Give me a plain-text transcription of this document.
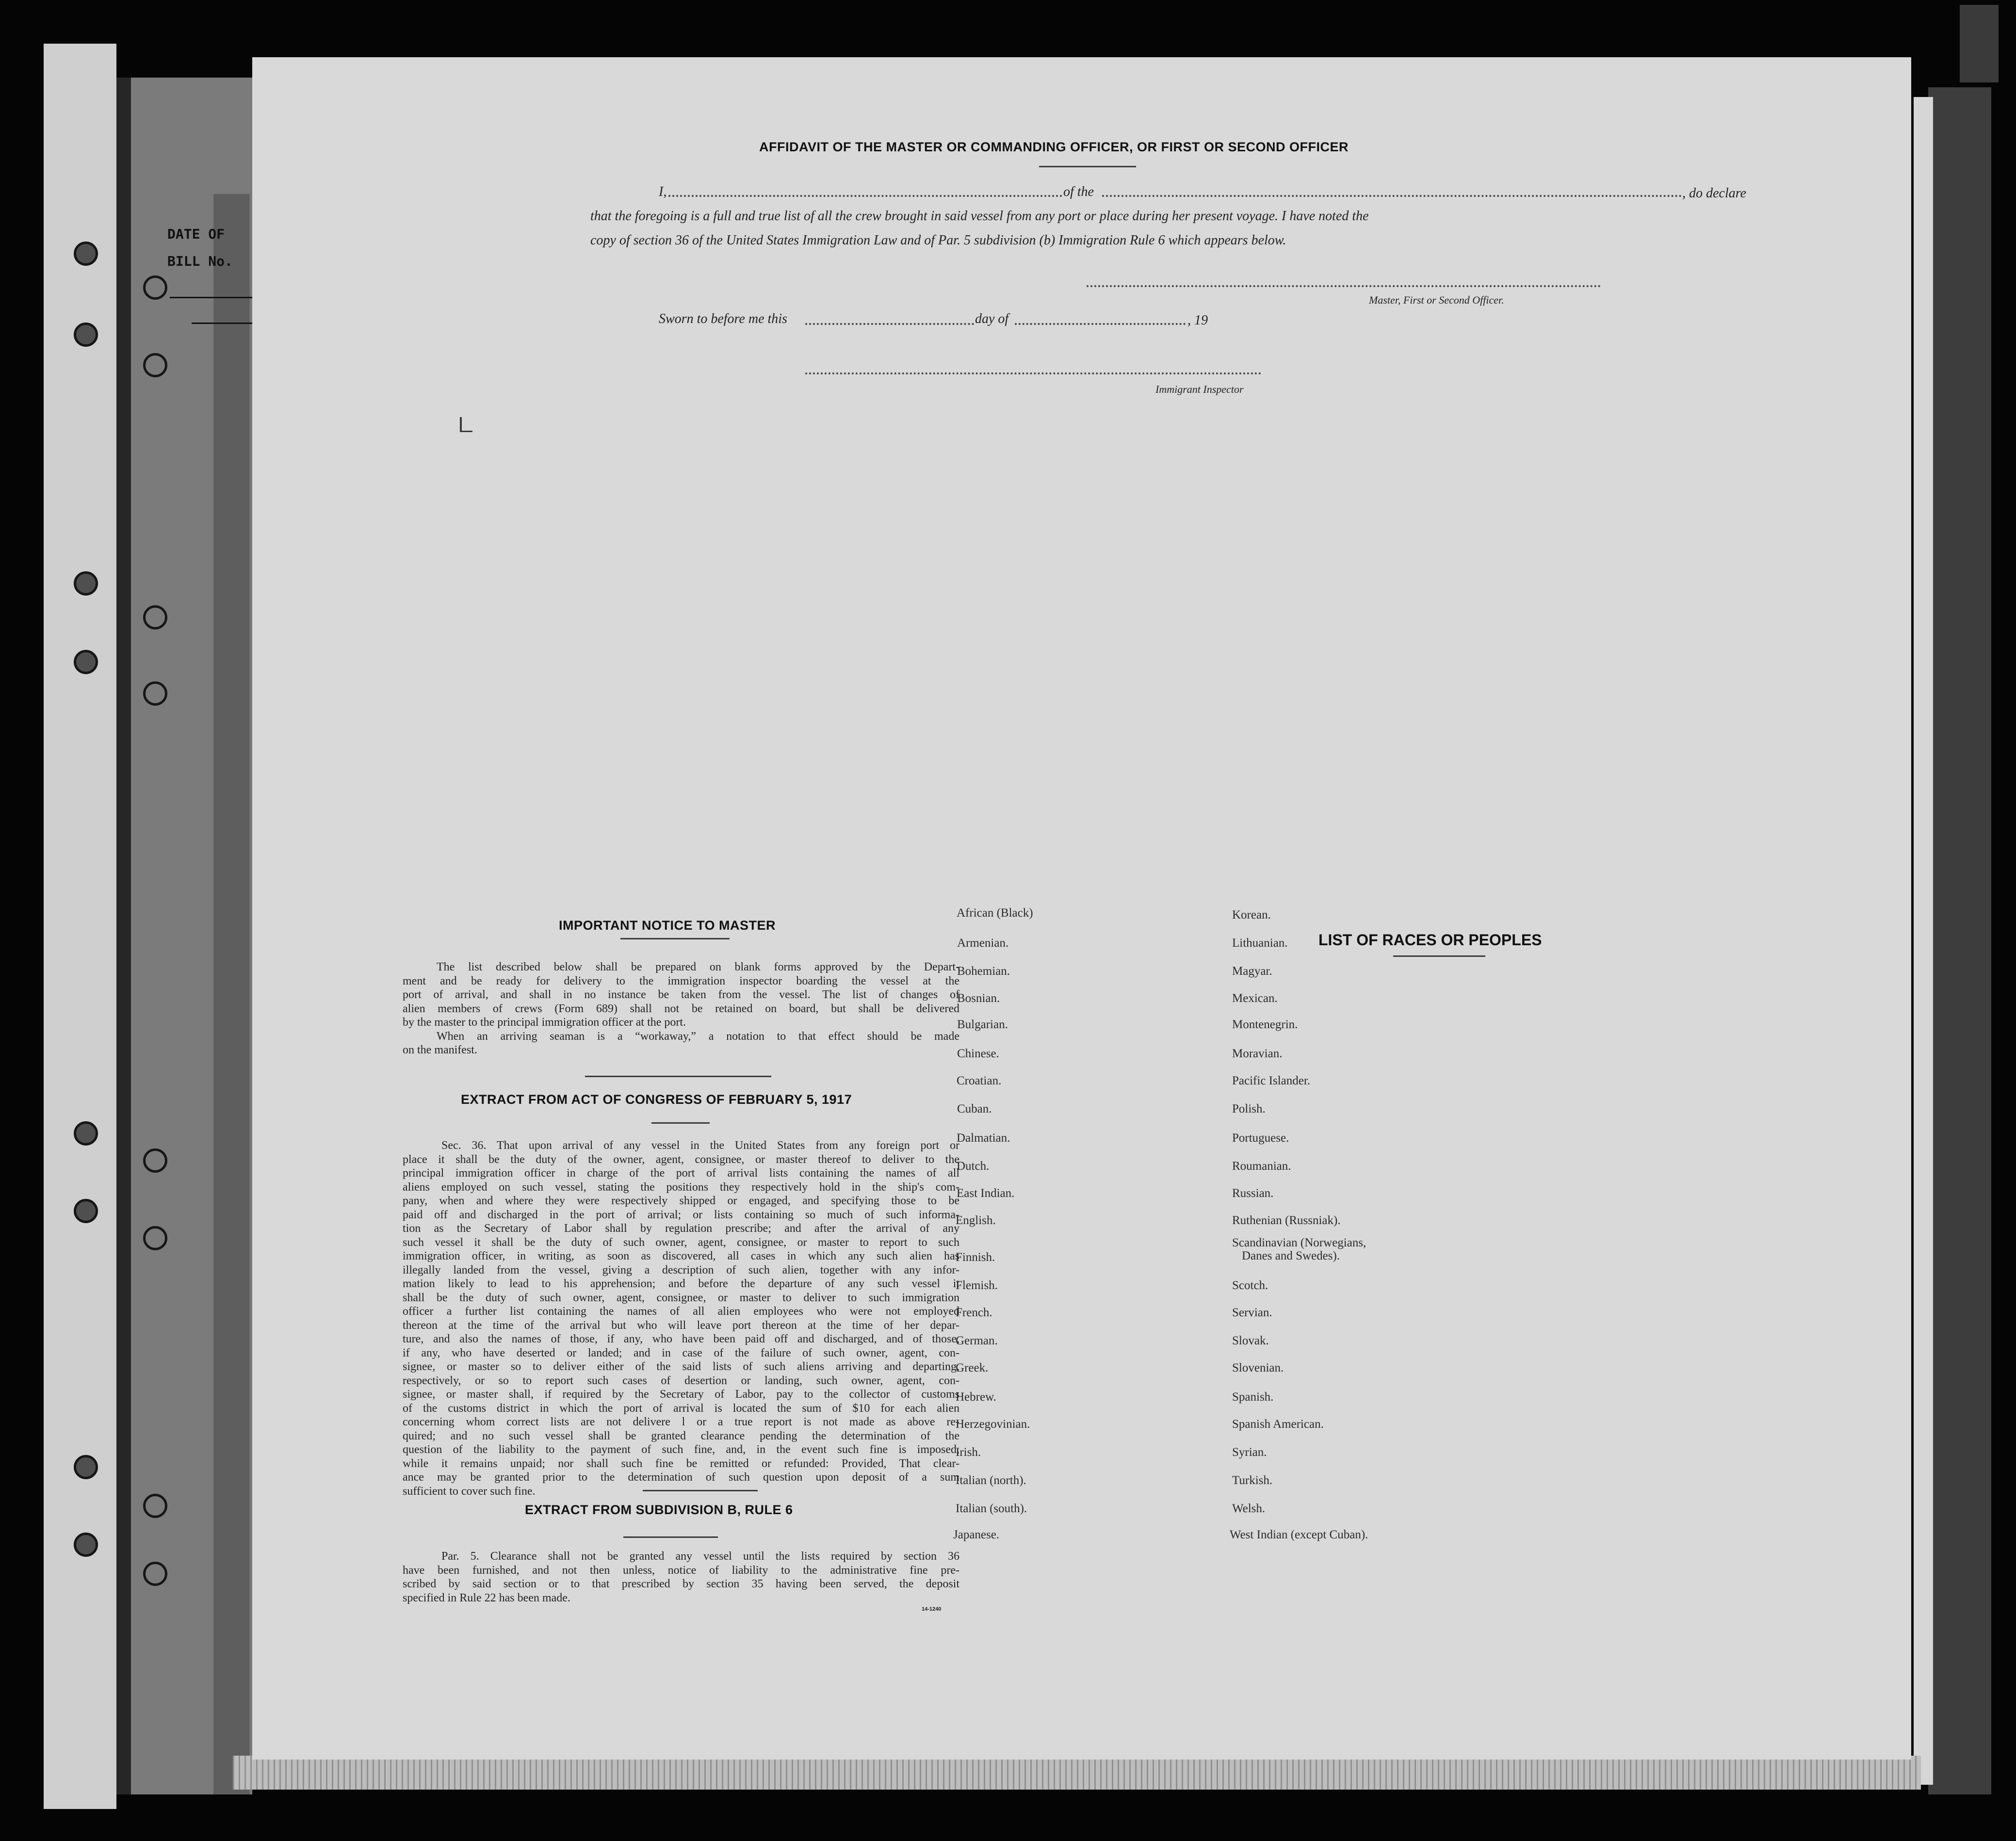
DATE OF
BILL No.
AFFIDAVIT OF THE MASTER OR COMMANDING OFFICER, OR FIRST OR SECOND OFFICER
I,	of the	, do declare
that the foregoing is a full and true list of all the crew brought in said vessel from any port or place during her present voyage. I have noted the
copy of section 36 of the United States Immigration Law and of Par. 5 subdivision (b) Immigration Rule 6 which appears below.
Master, First or Second Officer.
Sworn to before me this	day of	, 19
Immigrant Inspector
IMPORTANT NOTICE TO MASTER
The list described below shall be prepared on blank forms approved by the Depart-
ment and be ready for delivery to the immigration inspector boarding the vessel at the
port of arrival, and shall in no instance be taken from the vessel. The list of changes of
alien members of crews (Form 689) shall not be retained on board, but shall be delivered
by the master to the principal immigration officer at the port.
When an arriving seaman is a “workaway,” a notation to that effect should be made
on the manifest.
EXTRACT FROM ACT OF CONGRESS OF FEBRUARY 5, 1917
Sec. 36. That upon arrival of any vessel in the United States from any foreign port or
place it shall be the duty of the owner, agent, consignee, or master thereof to deliver to the
principal immigration officer in charge of the port of arrival lists containing the names of all
aliens employed on such vessel, stating the positions they respectively hold in the ship's com-
pany, when and where they were respectively shipped or engaged, and specifying those to be
paid off and discharged in the port of arrival; or lists containing so much of such informa-
tion as the Secretary of Labor shall by regulation prescribe; and after the arrival of any
such vessel it shall be the duty of such owner, agent, consignee, or master to report to such
immigration officer, in writing, as soon as discovered, all cases in which any such alien has
illegally landed from the vessel, giving a description of such alien, together with any infor-
mation likely to lead to his apprehension; and before the departure of any such vessel it
shall be the duty of such owner, agent, consignee, or master to deliver to such immigration
officer a further list containing the names of all alien employees who were not employed
thereon at the time of the arrival but who will leave port thereon at the time of her depar-
ture, and also the names of those, if any, who have been paid off and discharged, and of those,
if any, who have deserted or landed; and in case of the failure of such owner, agent, con-
signee, or master so to deliver either of the said lists of such aliens arriving and departing,
respectively, or so to report such cases of desertion or landing, such owner, agent, con-
signee, or master shall, if required by the Secretary of Labor, pay to the collector of customs
of the customs district in which the port of arrival is located the sum of $10 for each alien
concerning whom correct lists are not delivere l or a true report is not made as above re-
quired; and no such vessel shall be granted clearance pending the determination of the
question of the liability to the payment of such fine, and, in the event such fine is imposed,
while it remains unpaid; nor shall such fine be remitted or refunded: Provided, That clear-
ance may be granted prior to the determination of such question upon deposit of a sum
sufficient to cover such fine.
EXTRACT FROM SUBDIVISION B, RULE 6
Par. 5. Clearance shall not be granted any vessel until the lists required by section 36
have been furnished, and not then unless, notice of liability to the administrative fine pre-
scribed by said section or to that prescribed by section 35 having been served, the deposit
specified in Rule 22 has been made.
14-1240
LIST OF RACES OR PEOPLES
African (Black)
Armenian.
Bohemian.
Bosnian.
Bulgarian.
Chinese.
Croatian.
Cuban.
Dalmatian.
Dutch.
East Indian.
English.
Finnish.
Flemish.
French.
German.
Greek.
Hebrew.
Herzegovinian.
Irish.
Italian (north).
Italian (south).
Japanese.
Korean.
Lithuanian.
Magyar.
Mexican.
Montenegrin.
Moravian.
Pacific Islander.
Polish.
Portuguese.
Roumanian.
Russian.
Ruthenian (Russniak).
Scandinavian (Norwegians,
Danes and Swedes).
Scotch.
Servian.
Slovak.
Slovenian.
Spanish.
Spanish American.
Syrian.
Turkish.
Welsh.
West Indian (except Cuban).
